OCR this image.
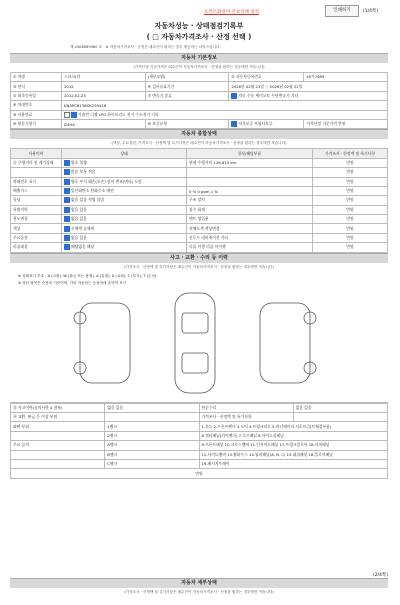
프린트화면이 안보일때 설치	인쇄하기	(1/4쪽)
자동차성능 · 상태점검기록부
( □ 자동차가격조사 · 산정 선택 )
제 2408069480 호 ※ 자동차가격조사 · 산정은 매수인이 원하는 경우 제공하는 서비스입니다.
자동차 기본정보
(가격산정 기준가격은 매수인이 자동차가격조사 · 산정을 원하는 경우에만 적습니다)
① 차명	스파크(차	(세부모델)	② 자동차등록번호	45가7659
③ 연식	2012	④ 검사유효기간	2026년 02월 23일 ~ 2026년 02월 22일	
⑤ 최초등록일	2012.02.23	⑦ 변속기 종류	자동 수동 세미오토 무단변속기 기타	
⑥ 차대번호	KNAPC813BCK259416			
⑧ 사용연료	가솔린 디젤 LPG 하이브리드 전기 수소전기 기타			
⑨ 원동기형식	D4HA	⑩ 보증유형	자가보증 보험사보증	가격산정 기준가격 만원
자동차 종합상태
(색상, 주요옵션, 가격조사 · 산정액 및 특기사항은 매수인이 자동차가격조사 · 산정을 원하는 경우에만 적습니다)
사용이력	상태	항목/해당부품	가격조사 · 산정액 및 특기사항
⑪ 주행거리 및 계기상태	양호 불량	현재 주행거리 128,810 km	만원
	많음 보통 적음		만원
차대번호 표기	양호 부식 훼손(오손) 상이 변조(변타) 도말		만원
배출가스	일산화탄소 탄화수소 매연	0 % 0 ppm 1 %	만원
튜닝	없음 있음 적법 불법	구조 장치	만원
특별이력	없음 있음	침수 화재	만원
용도변경	없음 있음	렌트 영업용	만원
색상	무채색 유채색	전체도색 색상변경	만원
주요옵션	없음 있음	선루프 네비게이션 기타	만원
리콜대상	해당없음 해당	리콜 이행 리콜 미이행	만원
사고 · 교환 · 수리 등 이력
(가격조사 · 산정액 및 특기사항은 매수인이 자동차가격조사 · 산정을 원하는 경우에만 적습니다)
※ 상태표시 부호 : X (교환), W (판금 또는 용접), A (흠집), U (요철), C (부식), T (손상)
※ 하단 항목은 승용차 기준이며, 기타 자동차는 승용차에 준하여 표시
⑬ 사고이력(유의사항 4 참조)	없음 있음	단순수리	없음 있음
⑭ 교환, 판금 등 이상 부위		가격조사 · 산정액 및 특기사항	
외판 부위	1랭크	1.후드 2.프론트펜더 3.도어 4.트렁크리드 5.라디에이터 서포트(볼트체결부품)	
	2랭크	6.쿼터패널(리어펜더) 7.루프패널 8.사이드실패널	
주요 골격	A랭크	9.프론트패널 10.크로스멤버 11.인사이드패널 17.트렁크플로어 18.리어패널	
	B랭크	12.사이드멤버 13.휠하우스 14.필러패널(A, B, C) 15.대쉬패널 16.플로어패널	
	C랭크	19.패키지트레이	
만원			
(2/4쪽)
자동차 세부상태
(가격조사 · 산정액 및 특기사항은 매수인이 자동차가격조사 · 산정을 원하는 경우에만 적습니다)
